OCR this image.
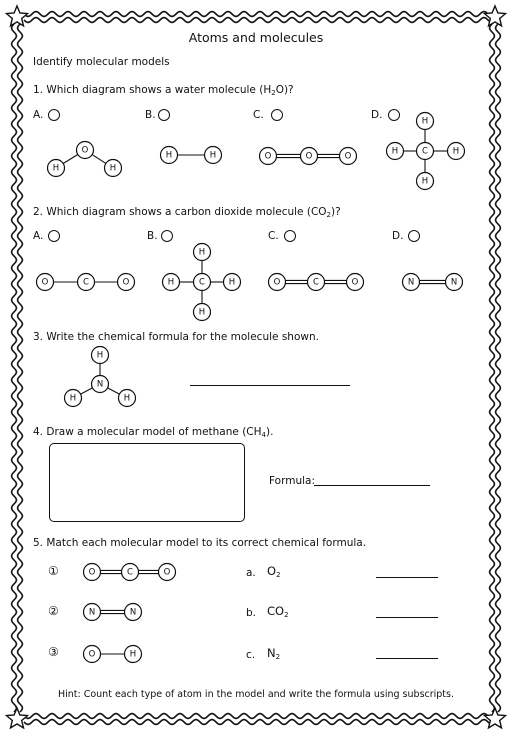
Atoms and molecules
Identify molecular models
1. Which diagram shows a water molecule $(H_2O)$?
A.	B.	C.	D.
2. Which diagram shows a carbon dioxide molecule $(CO_2)$?
A.	B.	C.	D.
3. Write the chemical formula for the molecule shown.
4. Draw a molecular model of methane $(CH_4)$.
Formula:
5. Match each molecular model to its correct chemical formula.
①
②
③
a. $O_2$
b. $CO_2$
c. $N_2$
Hint: Count each type of atom in the model and write the formula using subscripts.
O
H	H
H	H	O	O	O	C
H
H
H	H
O	C	O	C
H
H
H	H	O	C	O	N	N
N
H
H	H
O	C	O
N	N
O	H
